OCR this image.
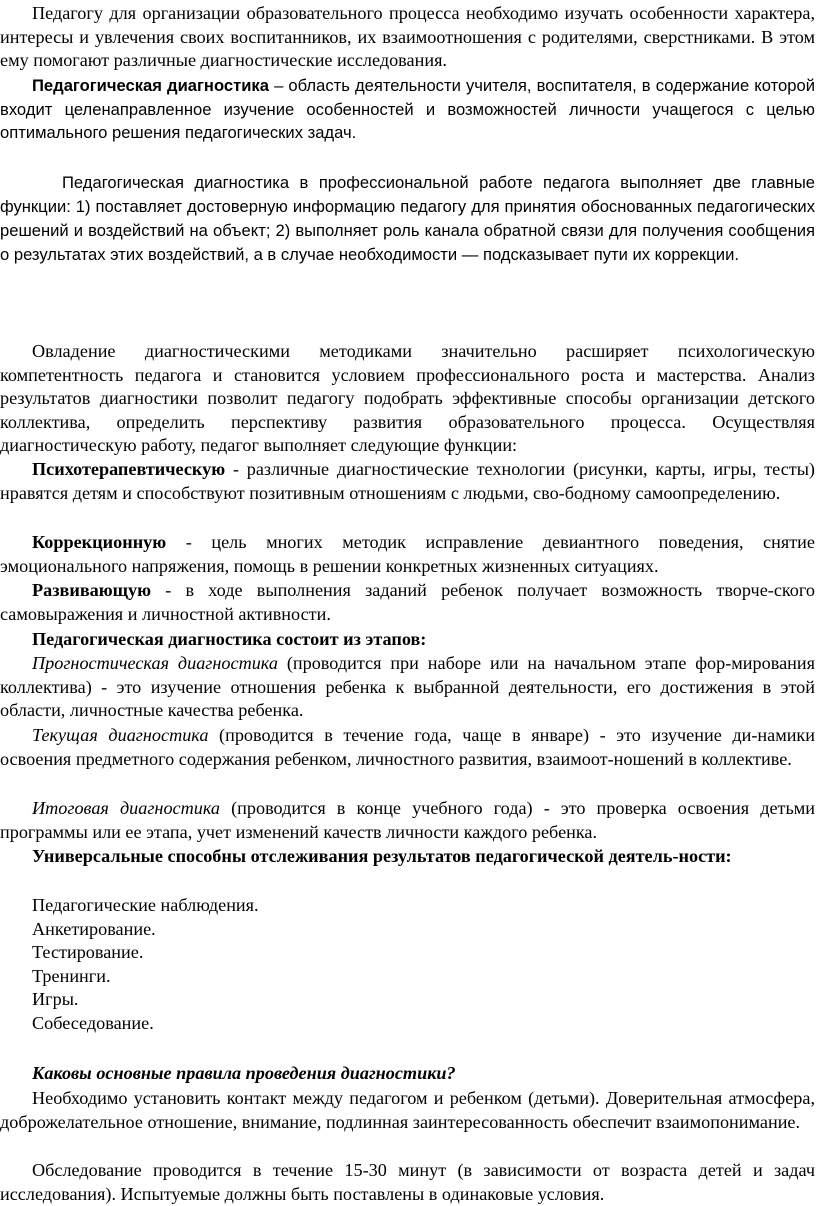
Педагогу для организации образовательного процесса необходимо изучать особенности характера, интересы и увлечения своих воспитанников, их взаимоотношения с родителями, сверстниками. В этом ему помогают различные диагностические исследования.

Педагогическая диагностика – область деятельности учителя, воспитателя, в содержание которой входит целенаправленное изучение особенностей и возможностей личности учащегося с целью оптимального решения педагогических задач.

Педагогическая диагностика в профессиональной работе педагога выполняет две главные функции: 1) поставляет достоверную информацию педагогу для принятия обоснованных педагогических решений и воздействий на объект; 2) выполняет роль канала обратной связи для получения сообщения о результатах этих воздействий, а в случае необходимости — подсказывает пути их коррекции.

Овладение диагностическими методиками значительно расширяет психологическую компетентность педагога и становится условием профессионального роста и мастерства. Анализ результатов диагностики позволит педагогу подобрать эффективные способы организации детского коллектива, определить перспективу развития образовательного процесса. Осуществляя диагностическую работу, педагог выполняет следующие функции:

Психотерапевтическую - различные диагностические технологии (рисунки, карты, игры, тесты) нравятся детям и способствуют позитивным отношениям с людьми, сво-бодному самоопределению.

Коррекционную - цель многих методик исправление девиантного поведения, снятие эмоционального напряжения, помощь в решении конкретных жизненных ситуациях.

Развивающую - в ходе выполнения заданий ребенок получает возможность творче-ского самовыражения и личностной активности.

Педагогическая диагностика состоит из этапов:

Прогностическая диагностика (проводится при наборе или на начальном этапе фор-мирования коллектива) - это изучение отношения ребенка к выбранной деятельности, его достижения в этой области, личностные качества ребенка.

Текущая диагностика (проводится в течение года, чаще в январе) - это изучение ди-намики освоения предметного содержания ребенком, личностного развития, взаимоот-ношений в коллективе.

Итоговая диагностика (проводится в конце учебного года) - это проверка освоения детьми программы или ее этапа, учет изменений качеств личности каждого ребенка.

Универсальные способны отслеживания результатов педагогической деятель-ности:

Педагогические наблюдения.
Анкетирование.
Тестирование.
Тренинги.
Игры.
Собеседование.

Каковы основные правила проведения диагностики?

Необходимо установить контакт между педагогом и ребенком (детьми). Доверительная атмосфера, доброжелательное отношение, внимание, подлинная заинтересованность обеспечит взаимопонимание.

Обследование проводится в течение 15-30 минут (в зависимости от возраста детей и задач исследования). Испытуемые должны быть поставлены в одинаковые условия.
